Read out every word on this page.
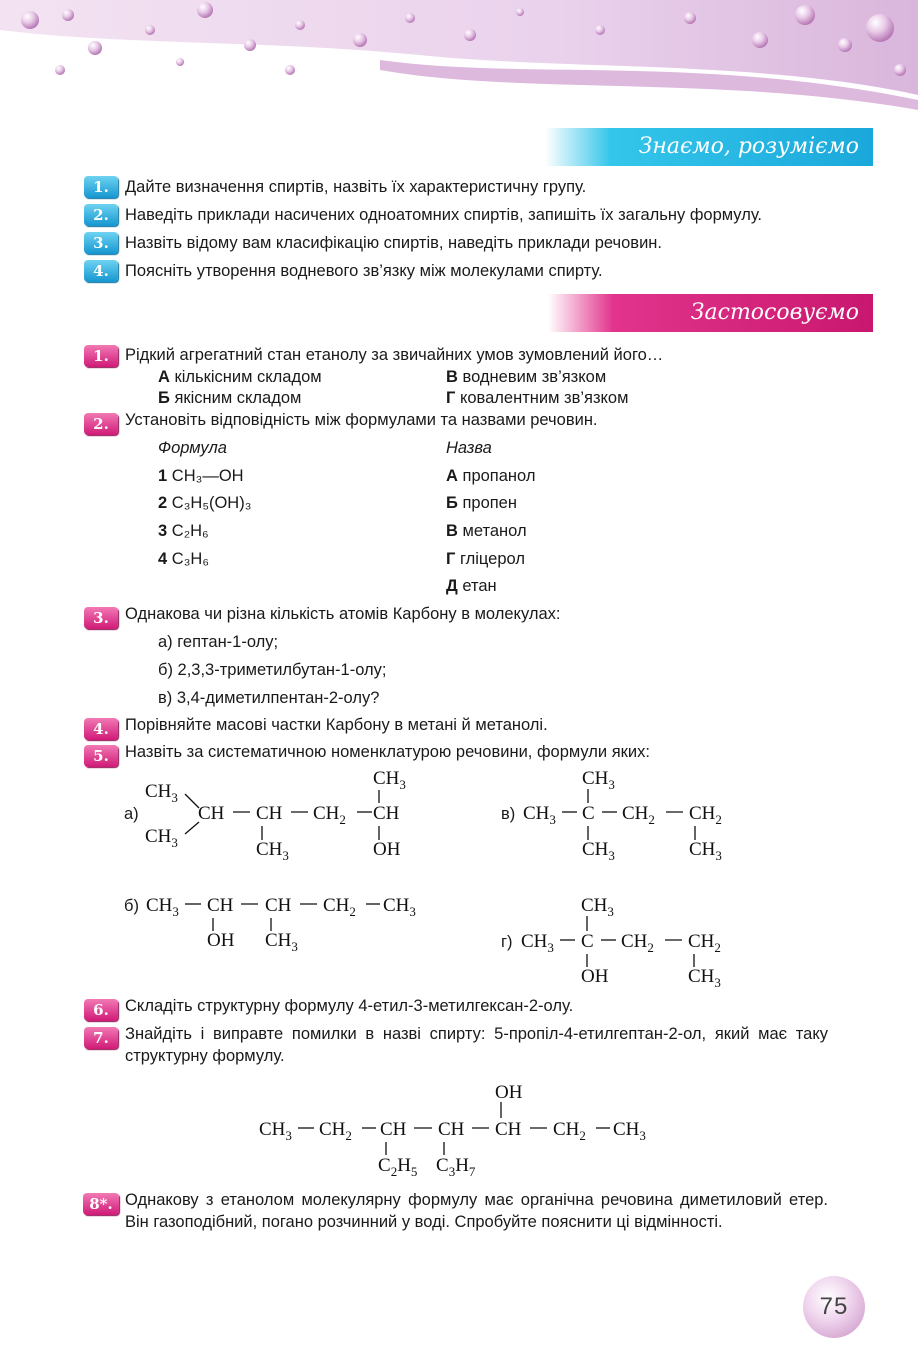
Знаємо, розуміємо
Застосовуємо
1. Дайте визначення спиртів, назвіть їх характеристичну групу.
2. Наведіть приклади насичених одноатомних спиртів, запишіть їх загальну формулу.
3. Назвіть відому вам класифікацію спиртів, наведіть приклади речовин.
4. Поясніть утворення водневого зв’язку між молекулами спирту.
1. Рідкий агрегатний стан етанолу за звичайних умов зумовлений його…
А кількісним складом
Б якісним складом
В водневим зв’язком
Г ковалентним зв’язком
2. Установіть відповідність між формулами та назвами речовин.
Формула	Назва
1 CH₃—OH
2 C₃H₅(OH)₃
3 C₂H₆
4 C₃H₆
А пропанол
Б пропен
В метанол
Г гліцерол
Д етан
3. Однакова чи різна кількість атомів Карбону в молекулах:
а) гептан-1-олу;
б) 2,3,3-триметилбутан-1-олу;
в) 3,4-диметилпентан-2-олу?
4. Порівняйте масові частки Карбону в метані й метанолі.
5. Назвіть за систематичною номенклатурою речовини, формули яких:
а)
б)
в)
г)
$CH_3$
$CH_3$
CH CH
$CH_3$
$CH_2$ CH
$CH_3$
OH
$CH_3$ C
$CH_3$
$CH_3$
$CH_2$ $CH_2$
$CH_3$
$CH_3$ CH
OH
CH
$CH_3$
$CH_2$ $CH_3$
$CH_3$ C
$CH_3$
OH
$CH_2$ $CH_2$
$CH_3$
$CH_3$ $CH_2$ CH
$C_2H_5$
CH
$C_3H_7$
CH
OH
$CH_2$ $CH_3$
6. Складіть структурну формулу 4-етил-3-метилгексан-2-олу.
7. Знайдіть і виправте помилки в назві спирту: 5-пропіл-4-етилгептан-2-ол, який має таку структурну формулу.
8*. Однакову з етанолом молекулярну формулу має органічна речовина диметиловий етер. Він газоподібний, погано розчинний у воді. Спробуйте пояснити ці відмінності.
75
